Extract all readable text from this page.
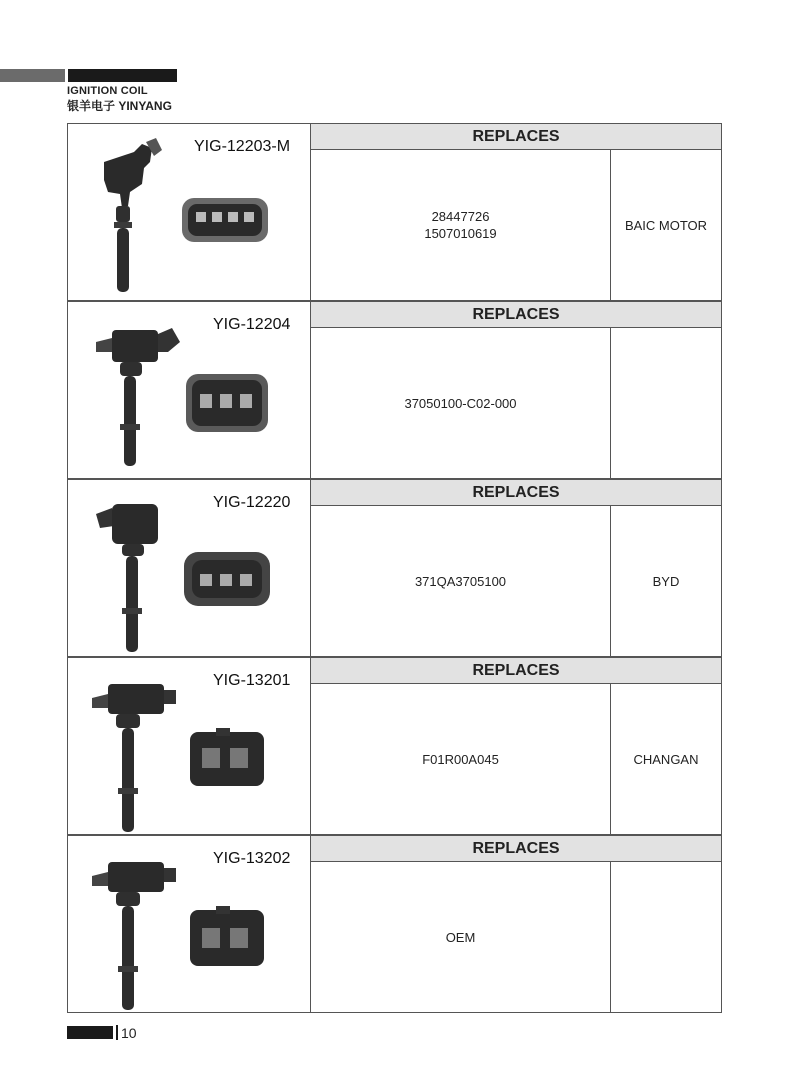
IGNITION COIL
银羊电子 YINYANG
YIG-12203-M
REPLACES
28447726
1507010619
BAIC MOTOR
YIG-12204
REPLACES
37050100-C02-000
YIG-12220
REPLACES
371QA3705100	BYD
YIG-13201
REPLACES
F01R00A045	CHANGAN
YIG-13202
REPLACES
OEM
10
